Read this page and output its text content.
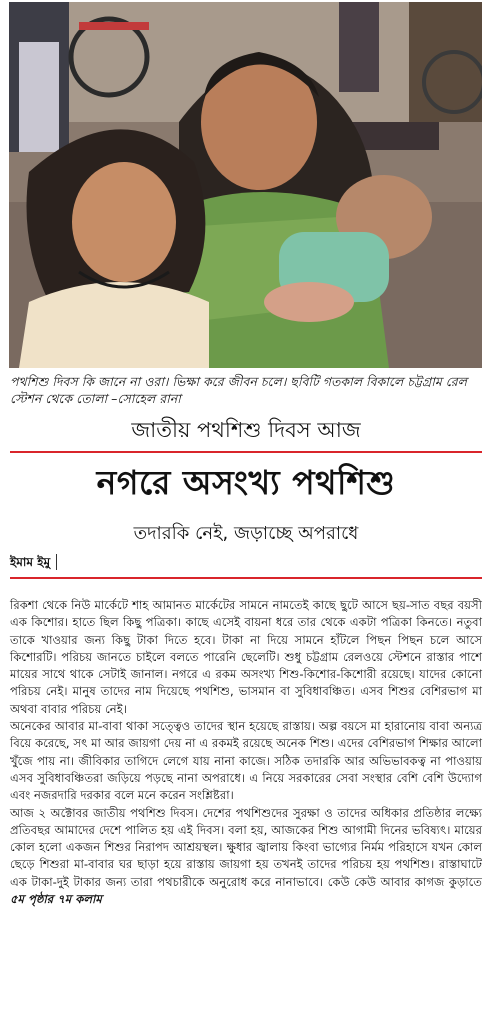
পথশিশু দিবস কি জানে না ওরা। ভিক্ষা করে জীবন চলে। ছবিটি গতকাল বিকালে চট্টগ্রাম রেল স্টেশন থেকে তোলা –সোহেল রানা
জাতীয় পথশিশু দিবস আজ
নগরে অসংখ্য পথশিশু
তদারকি নেই, জড়াচ্ছে অপরাধে
ইমাম ইমু

রিকশা থেকে নিউ মার্কেটে শাহ আমানত মার্কেটের সামনে নামতেই কাছে ছুটে আসে ছয়-সাত বছর বয়সী এক কিশোর। হাতে ছিল কিছু পত্রিকা। কাছে এসেই বায়না ধরে তার থেকে একটা পত্রিকা কিনতে। নতুবা তাকে খাওয়ার জন্য কিছু টাকা দিতে হবে। টাকা না দিয়ে সামনে হাঁটলে পিছন পিছন চলে আসে কিশোরটি। পরিচয় জানতে চাইলে বলতে পারেনি ছেলেটি। শুধু চট্টগ্রাম রেলওয়ে স্টেশনে রাস্তার পাশে মায়ের সাথে থাকে সেটাই জানাল। নগরে এ রকম অসংখ্য শিশু-কিশোর-কিশোরী রয়েছে। যাদের কোনো পরিচয় নেই। মানুষ তাদের নাম দিয়েছে পথশিশু, ভাসমান বা সুবিধাবঞ্চিত। এসব শিশুর বেশিরভাগ মা অথবা বাবার পরিচয় নেই।

অনেকের আবার মা-বাবা থাকা সত্ত্বেও তাদের স্থান হয়েছে রাস্তায়। অল্প বয়সে মা হারানোয় বাবা অন্যত্র বিয়ে করেছে, সৎ মা আর জায়গা দেয় না এ রকমই রয়েছে অনেক শিশু। এদের বেশিরভাগ শিক্ষার আলো খুঁজে পায় না। জীবিকার তাগিদে লেগে যায় নানা কাজে। সঠিক তদারকি আর অভিভাবকত্ব না পাওয়ায় এসব সুবিধাবঞ্চিতরা জড়িয়ে পড়ছে নানা অপরাধে। এ নিয়ে সরকারের সেবা সংস্থার বেশি বেশি উদ্যোগ এবং নজরদারি দরকার বলে মনে করেন সংশ্লিষ্টরা।

আজ ২ অক্টোবর জাতীয় পথশিশু দিবস। দেশের পথশিশুদের সুরক্ষা ও তাদের অধিকার প্রতিষ্ঠার লক্ষ্যে প্রতিবছর আমাদের দেশে পালিত হয় এই দিবস। বলা হয়, আজকের শিশু আগামী দিনের ভবিষ্যৎ। মায়ের কোল হলো একজন শিশুর নিরাপদ আশ্রয়স্থল। ক্ষুধার জ্বালায় কিংবা ভাগ্যের নির্মম পরিহাসে যখন কোল ছেড়ে শিশুরা মা-বাবার ঘর ছাড়া হয়ে রাস্তায় জায়গা হয় তখনই তাদের পরিচয় হয় পথশিশু। রাস্তাঘাটে এক টাকা-দুই টাকার জন্য তারা পথচারীকে অনুরোধ করে নানাভাবে। কেউ কেউ আবার কাগজ কুড়াতে ৫ম পৃষ্ঠার ৭ম কলাম
